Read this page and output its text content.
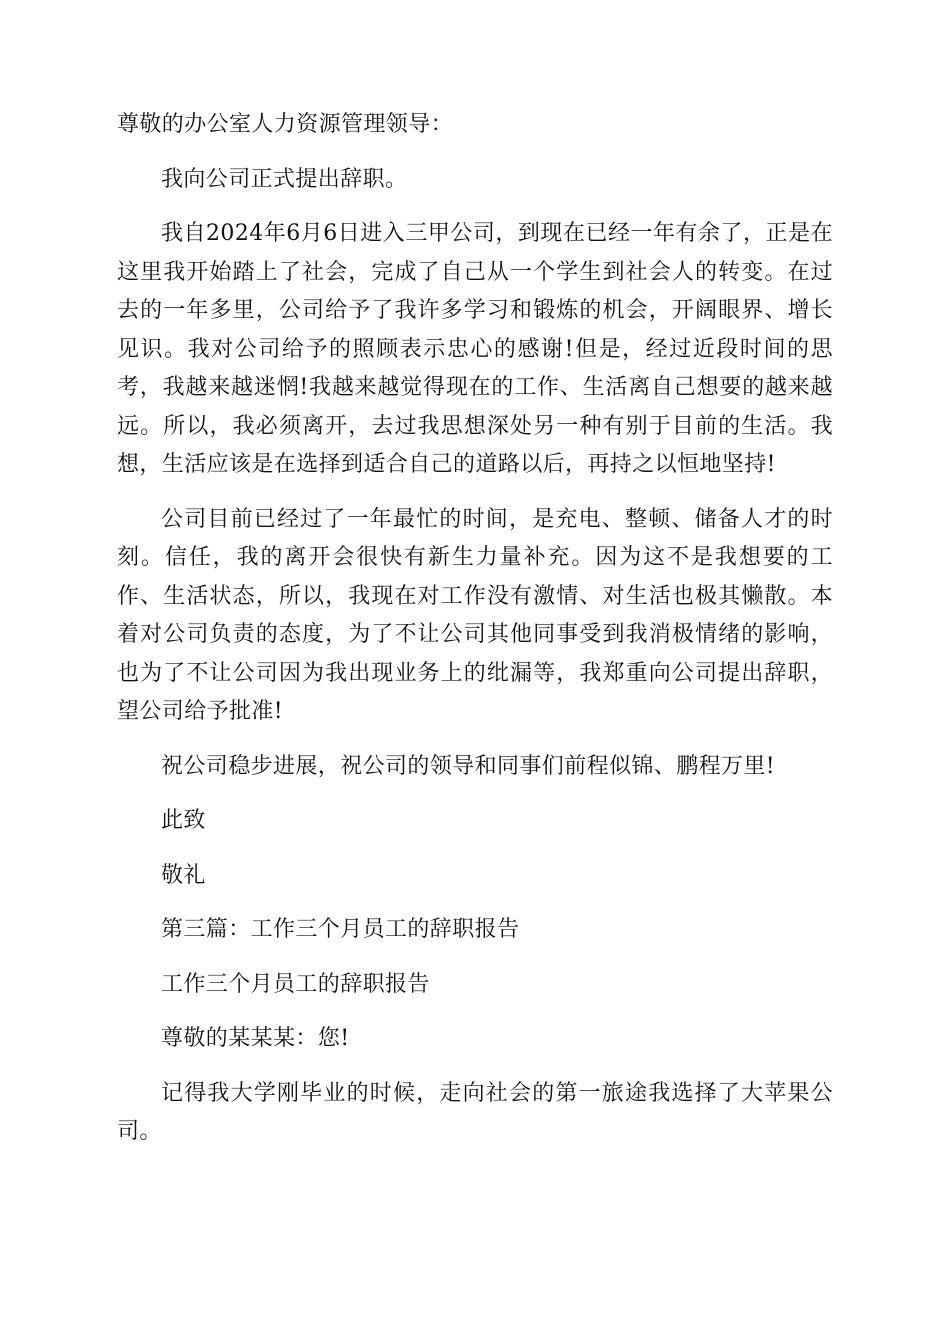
尊敬的办公室人力资源管理领导：

我向公司正式提出辞职。

我自2024年6月6日进入三甲公司，到现在已经一年有余了，正是在这里我开始踏上了社会，完成了自己从一个学生到社会人的转变。在过去的一年多里，公司给予了我许多学习和锻炼的机会，开阔眼界、增长见识。我对公司给予的照顾表示忠心的感谢!但是，经过近段时间的思考，我越来越迷惘!我越来越觉得现在的工作、生活离自己想要的越来越远。所以，我必须离开，去过我思想深处另一种有别于目前的生活。我想，生活应该是在选择到适合自己的道路以后，再持之以恒地坚持!

公司目前已经过了一年最忙的时间，是充电、整顿、储备人才的时刻。信任，我的离开会很快有新生力量补充。因为这不是我想要的工作、生活状态，所以，我现在对工作没有激情、对生活也极其懒散。本着对公司负责的态度，为了不让公司其他同事受到我消极情绪的影响，也为了不让公司因为我出现业务上的纰漏等，我郑重向公司提出辞职，望公司给予批准!

祝公司稳步进展，祝公司的领导和同事们前程似锦、鹏程万里!

此致

敬礼

第三篇：工作三个月员工的辞职报告

工作三个月员工的辞职报告

尊敬的某某某：您!

记得我大学刚毕业的时候，走向社会的第一旅途我选择了大苹果公司。
